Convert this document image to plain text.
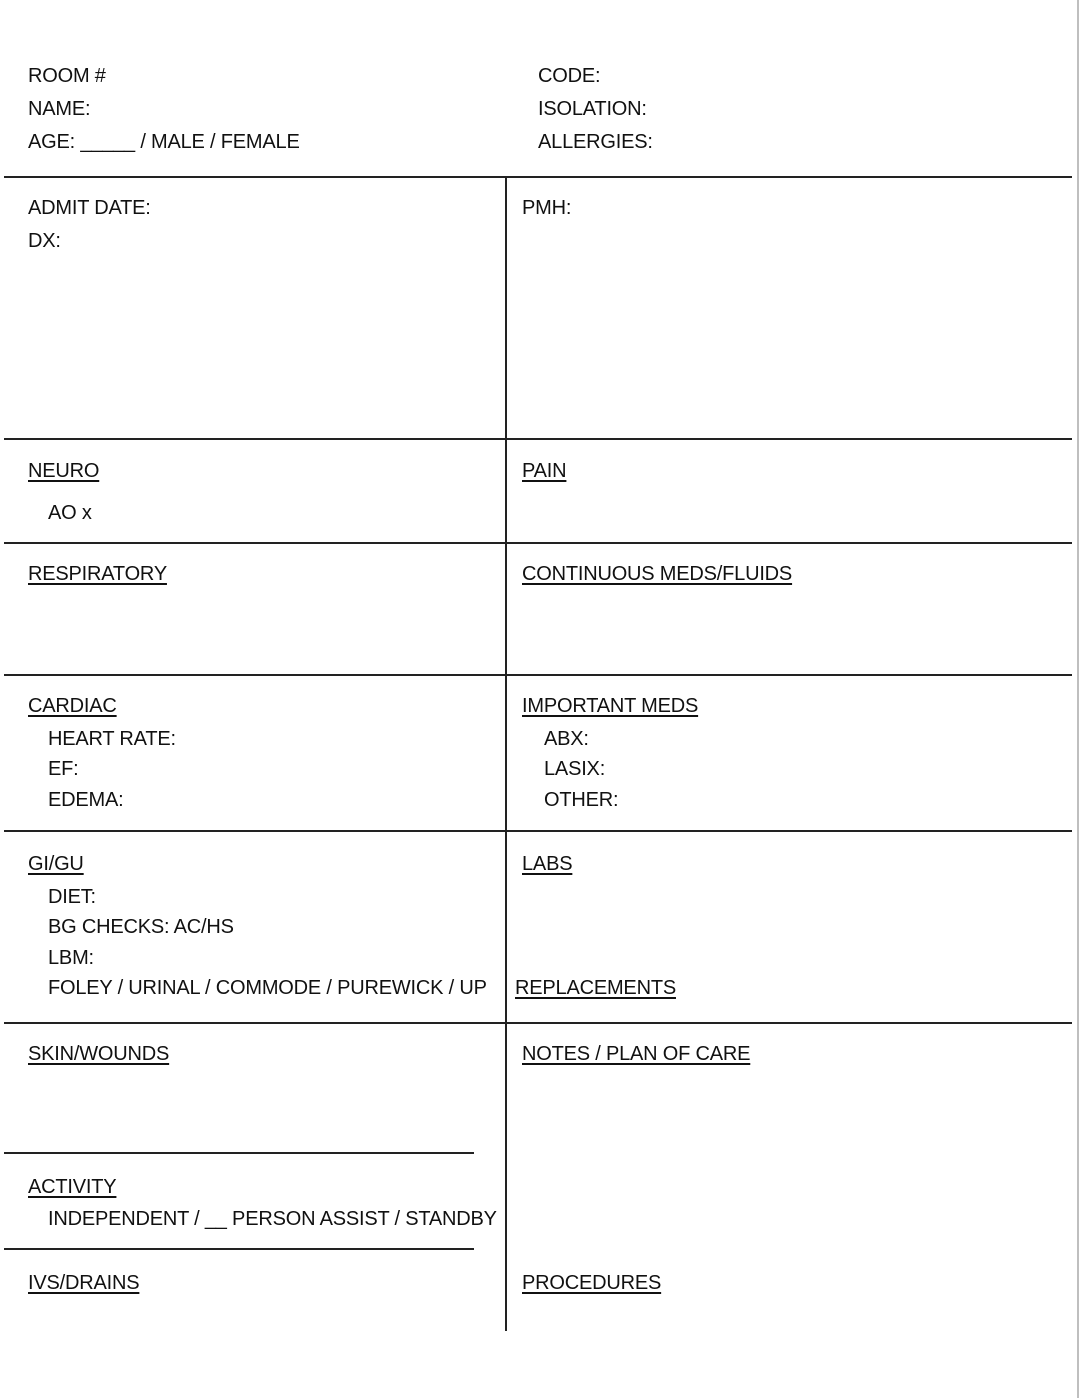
ROOM #
NAME:
AGE: _____ / MALE / FEMALE
CODE:
ISOLATION:
ALLERGIES:
ADMIT DATE:
DX:
PMH:
NEURO
AO x
PAIN
RESPIRATORY	CONTINUOUS MEDS/FLUIDS
CARDIAC
HEART RATE:
EF:
EDEMA:
IMPORTANT MEDS
ABX:
LASIX:
OTHER:
GI/GU
DIET:
BG CHECKS: AC/HS
LBM:
FOLEY / URINAL / COMMODE / PUREWICK / UP
LABS
REPLACEMENTS
SKIN/WOUNDS	NOTES / PLAN OF CARE
ACTIVITY
INDEPENDENT / __ PERSON ASSIST / STANDBY
IVS/DRAINS	PROCEDURES
